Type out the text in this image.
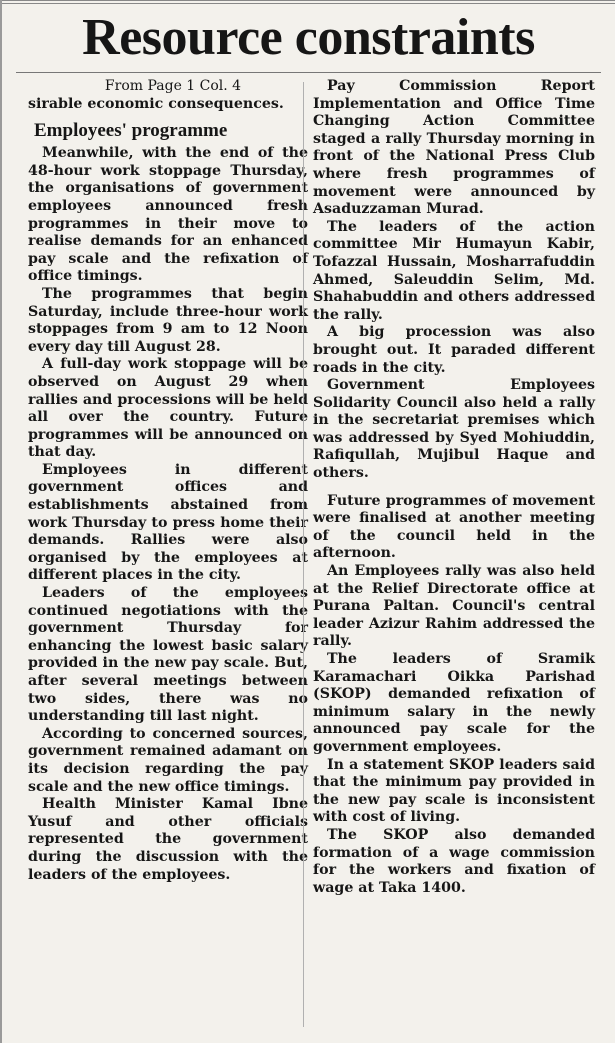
Resource constraints
From Page 1 Col. 4

sirable economic consequences.

Employees' programme

Meanwhile, with the end of the 48-hour work stoppage Thursday, the organisations of government employees announced fresh programmes in their move to realise demands for an enhanced pay scale and the refixation of office timings.

The programmes that begin Saturday, include three-hour work stoppages from 9 am to 12 Noon every day till August 28.

A full-day work stoppage will be observed on August 29 when rallies and processions will be held all over the country. Future programmes will be announced on that day.

Employees in different government offices and establishments abstained from work Thursday to press home their demands. Rallies were also organised by the employees at different places in the city.

Leaders of the employees continued negotiations with the government Thursday for enhancing the lowest basic salary provided in the new pay scale. But, after several meetings between two sides, there was no understanding till last night.

According to concerned sources, government remained adamant on its decision regarding the pay scale and the new office timings.

Health Minister Kamal Ibne Yusuf and other officials represented the government during the discussion with the leaders of the employees.

Pay Commission Report Implementation and Office Time Changing Action Committee staged a rally Thursday morning in front of the National Press Club where fresh programmes of movement were announced by Asaduzzaman Murad.

The leaders of the action committee Mir Humayun Kabir, Tofazzal Hussain, Mosharrafuddin Ahmed, Saleuddin Selim, Md. Shahabuddin and others addressed the rally.

A big procession was also brought out. It paraded different roads in the city.

Government Employees Solidarity Council also held a rally in the secretariat premises which was addressed by Syed Mohiuddin, Rafiqullah, Mujibul Haque and others.

Future programmes of movement were finalised at another meeting of the council held in the afternoon.

An Employees rally was also held at the Relief Directorate office at Purana Paltan. Council's central leader Azizur Rahim addressed the rally.

The leaders of Sramik Karamachari Oikka Parishad (SKOP) demanded refixation of minimum salary in the newly announced pay scale for the government employees.

In a statement SKOP leaders said that the minimum pay provided in the new pay scale is inconsistent with cost of living.

The SKOP also demanded formation of a wage commission for the workers and fixation of wage at Taka 1400.
